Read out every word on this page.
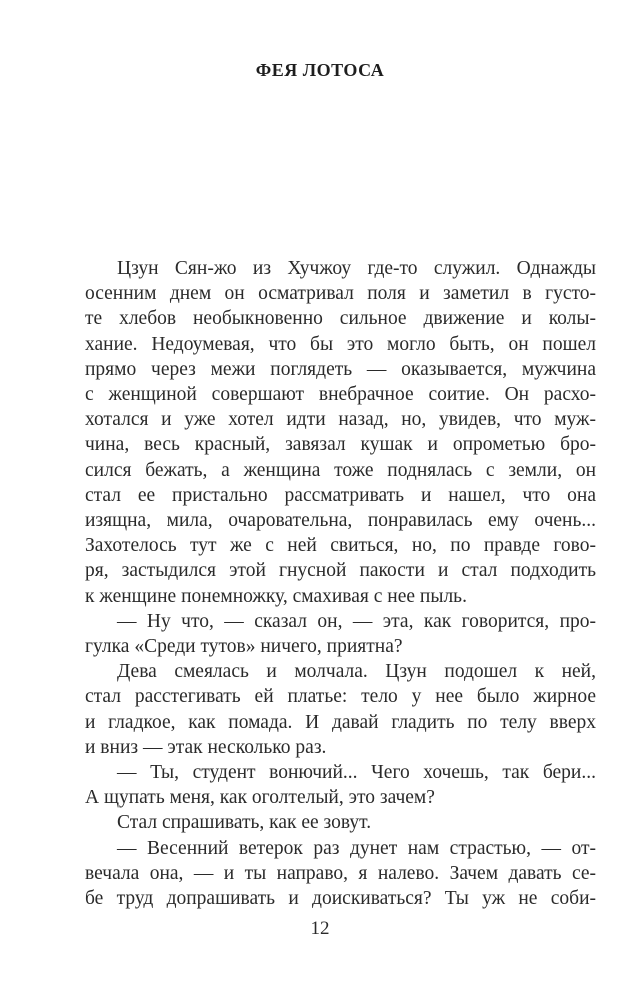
ФЕЯ ЛОТОСА
Цзун Сян-жо из Хучжоу где-то служил. Однажды
осенним днем он осматривал поля и заметил в густо-
те хлебов необыкновенно сильное движение и колы-
хание. Недоумевая, что бы это могло быть, он пошел
прямо через межи поглядеть — оказывается, мужчина
с женщиной совершают внебрачное соитие. Он расхо-
хотался и уже хотел идти назад, но, увидев, что муж-
чина, весь красный, завязал кушак и опрометью бро-
сился бежать, а женщина тоже поднялась с земли, он
стал ее пристально рассматривать и нашел, что она
изящна, мила, очаровательна, понравилась ему очень...
Захотелось тут же с ней свиться, но, по правде гово-
ря, застыдился этой гнусной пакости и стал подходить
к женщине понемножку, смахивая с нее пыль.
— Ну что, — сказал он, — эта, как говорится, про-
гулка «Среди тутов» ничего, приятна?
Дева смеялась и молчала. Цзун подошел к ней,
стал расстегивать ей платье: тело у нее было жирное
и гладкое, как помада. И давай гладить по телу вверх
и вниз — этак несколько раз.
— Ты, студент вонючий... Чего хочешь, так бери...
А щупать меня, как оголтелый, это зачем?
Стал спрашивать, как ее зовут.
— Весенний ветерок раз дунет нам страстью, — от-
вечала она, — и ты направо, я налево. Зачем давать се-
бе труд допрашивать и доискиваться? Ты уж не соби-
12
